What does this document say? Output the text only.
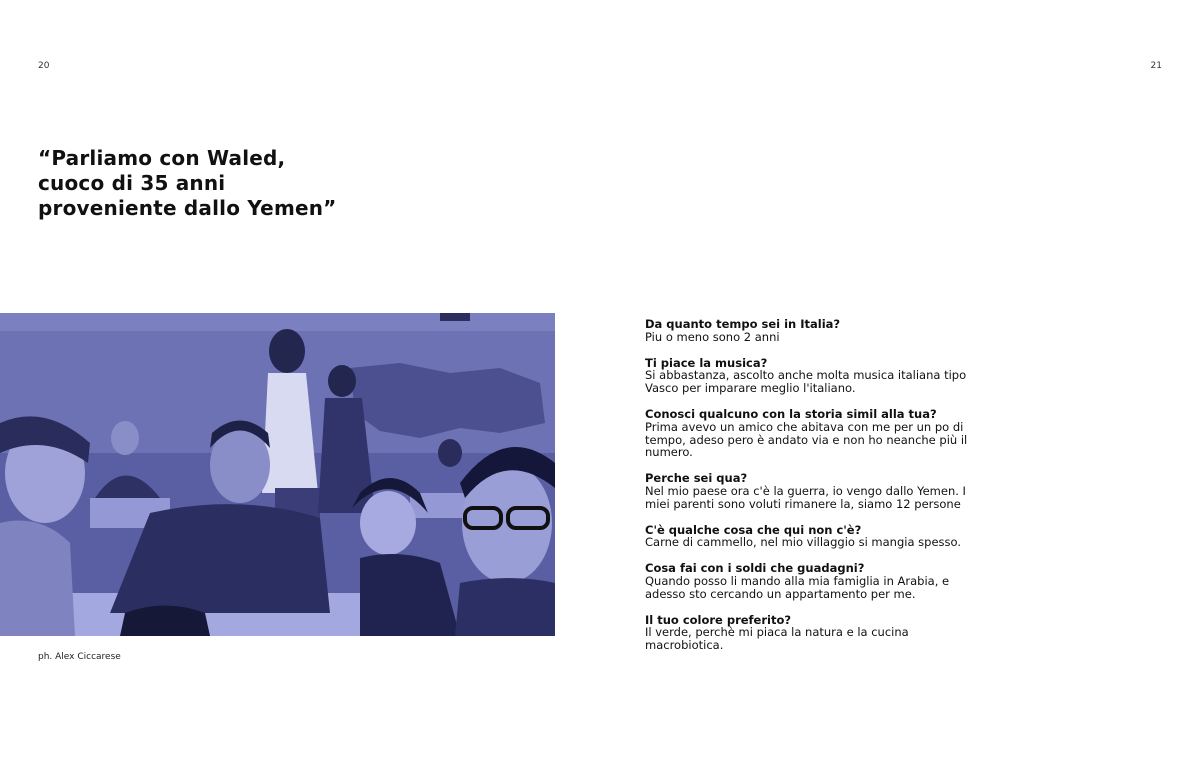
20	21
“Parliamo con Waled,
cuoco di 35 anni
proveniente dallo Yemen”
ph. Alex Ciccarese
Da quanto tempo sei in Italia?
Piu o meno sono 2 anni
Ti piace la musica?
Si abbastanza, ascolto anche molta musica italiana tipo Vasco per imparare meglio l'italiano.
Conosci qualcuno con la storia simil alla tua?
Prima avevo un amico che abitava con me per un po di tempo, adeso pero è andato via e non ho neanche più il numero.
Perche sei qua?
Nel mio paese ora c'è la guerra, io vengo dallo Yemen. I miei parenti sono voluti rimanere la, siamo 12 persone
C'è qualche cosa che qui non c'è?
Carne di cammello, nel mio villaggio si mangia spesso.
Cosa fai con i soldi che guadagni?
Quando posso li mando alla mia famiglia in Arabia, e adesso sto cercando un appartamento per me.
Il tuo colore preferito?
Il verde, perchè mi piaca la natura e la cucina macrobiotica.
